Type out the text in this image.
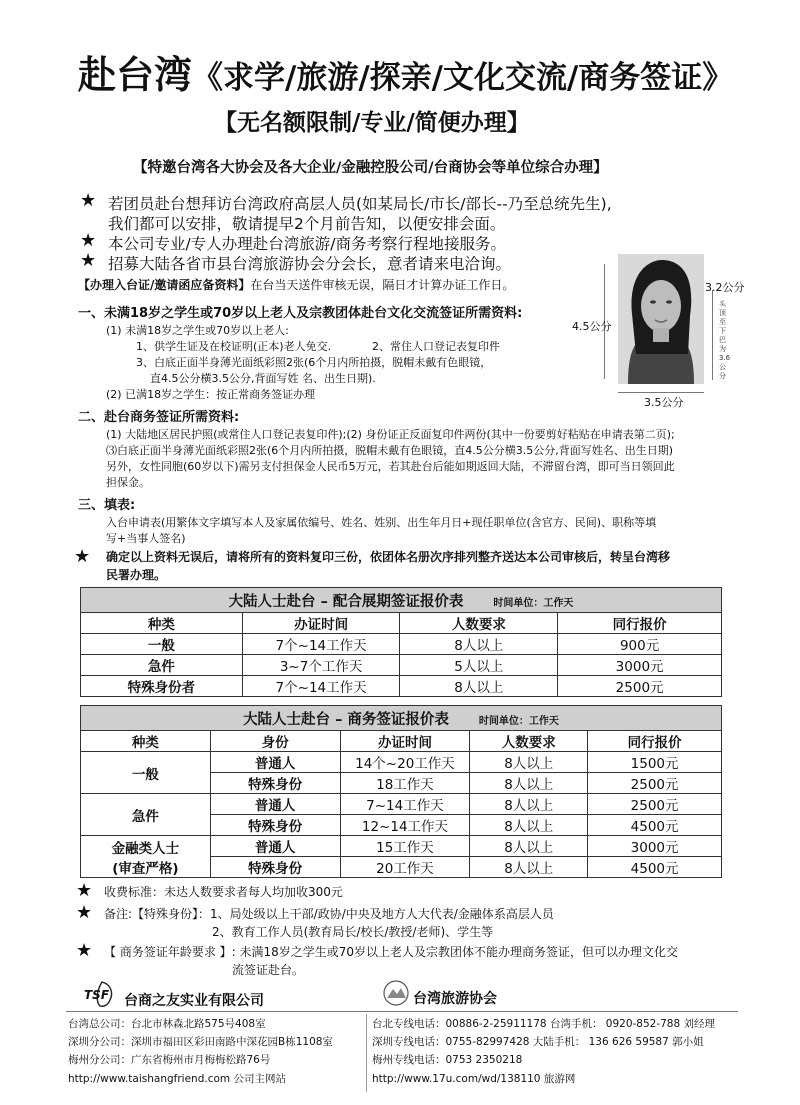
赴台湾《求学/旅游/探亲/文化交流/商务签证》
【无名额限制/专业/简便办理】
【特邀台湾各大协会及各大企业/金融控股公司/台商协会等单位综合办理】
★ 若团员赴台想拜访台湾政府高层人员(如某局长/市长/部长--乃至总统先生),
我们都可以安排，敬请提早2个月前告知，以便安排会面。
★ 本公司专业/专人办理赴台湾旅游/商务考察行程地接服务。
★ 招募大陆各省市县台湾旅游协会分会长，意者请来电洽询。
【办理入台证/邀请函应备资料】在台当天送件审核无误，隔日才计算办证工作日。
4.5公分
3.5公分
3.2公分
头顶至下巴为3.6公分
一、未满18岁之学生或70岁以上老人及宗教团体赴台文化交流签证所需资料:
(1) 未满18岁之学生或70岁以上老人:
1、供学生证及在校证明(正本)老人免交.	2、常住人口登记表复印件
3、白底正面半身薄光面纸彩照2张(6个月内所拍摄，脱帽未戴有色眼镜，
直4.5公分横3.5公分,背面写姓 名、出生日期).
(2) 已满18岁之学生：按正常商务签证办理
二、赴台商务签证所需资料:
(1) 大陆地区居民护照(或常住人口登记表复印件);(2) 身份证正反面复印件两份(其中一份要剪好粘贴在申请表第二页);
⑶白底正面半身薄光面纸彩照2张(6个月内所拍摄，脱帽未戴有色眼镜，直4.5公分横3.5公分,背面写姓名、出生日期)
另外，女性同胞(60岁以下)需另支付担保金人民币5万元，若其赴台后能如期返回大陆，不滞留台湾，即可当日领回此
担保金。
三、填表:
入台申请表(用繁体文字填写本人及家属依编号、姓名、姓别、出生年月日+现任职单位(含官方、民间)、职称等填
写+当事人签名)
★ 确定以上资料无误后，请将所有的资料复印三份，依团体名册次序排列整齐送达本公司审核后，转呈台湾移
民署办理。
大陆人士赴台 – 配合展期签证报价表 时间单位：工作天			
种类	办证时间	人数要求	同行报价
一般	7个~14工作天	8人以上	900元
急件	3~7个工作天	5人以上	3000元
特殊身份者	7个~14工作天	8人以上	2500元
大陆人士赴台 – 商务签证报价表 时间单位：工作天				
种类	身份	办证时间	人数要求	同行报价
一般	普通人	14个~20工作天	8人以上	1500元
	特殊身份	18工作天	8人以上	2500元
急件	普通人	7~14工作天	8人以上	2500元
	特殊身份	12~14工作天	8人以上	4500元

金融类人士
(审查严格)	普通人	15工作天	8人以上	3000元
	特殊身份	20工作天	8人以上	4500元
★ 收费标准：未达人数要求者每人均加收300元
★ 备注:【特殊身份】：1、局处级以上干部/政协/中央及地方人大代表/金融体系高层人员
2、教育工作人员(教育局长/校长/教授/老师)、学生等
★ 【 商务签证年龄要求 】: 未满18岁之学生或70岁以上老人及宗教团体不能办理商务签证，但可以办理文化交
流签证赴台。
TSF 台商之友实业有限公司	台湾旅游协会
台湾总公司：台北市林森北路575号408室
深圳分公司：深圳市福田区彩田南路中深花园B栋1108室
梅州分公司：广东省梅州市月梅梅松路76号
http://www.taishangfriend.com 公司主网站
台北专线电话：00886-2-25911178 台湾手机： 0920-852-788 刘经理
深圳专线电话：0755-82997428 大陆手机： 136 626 59587 郭小姐
梅州专线电话：0753 2350218
http://www.17u.com/wd/138110 旅游网
